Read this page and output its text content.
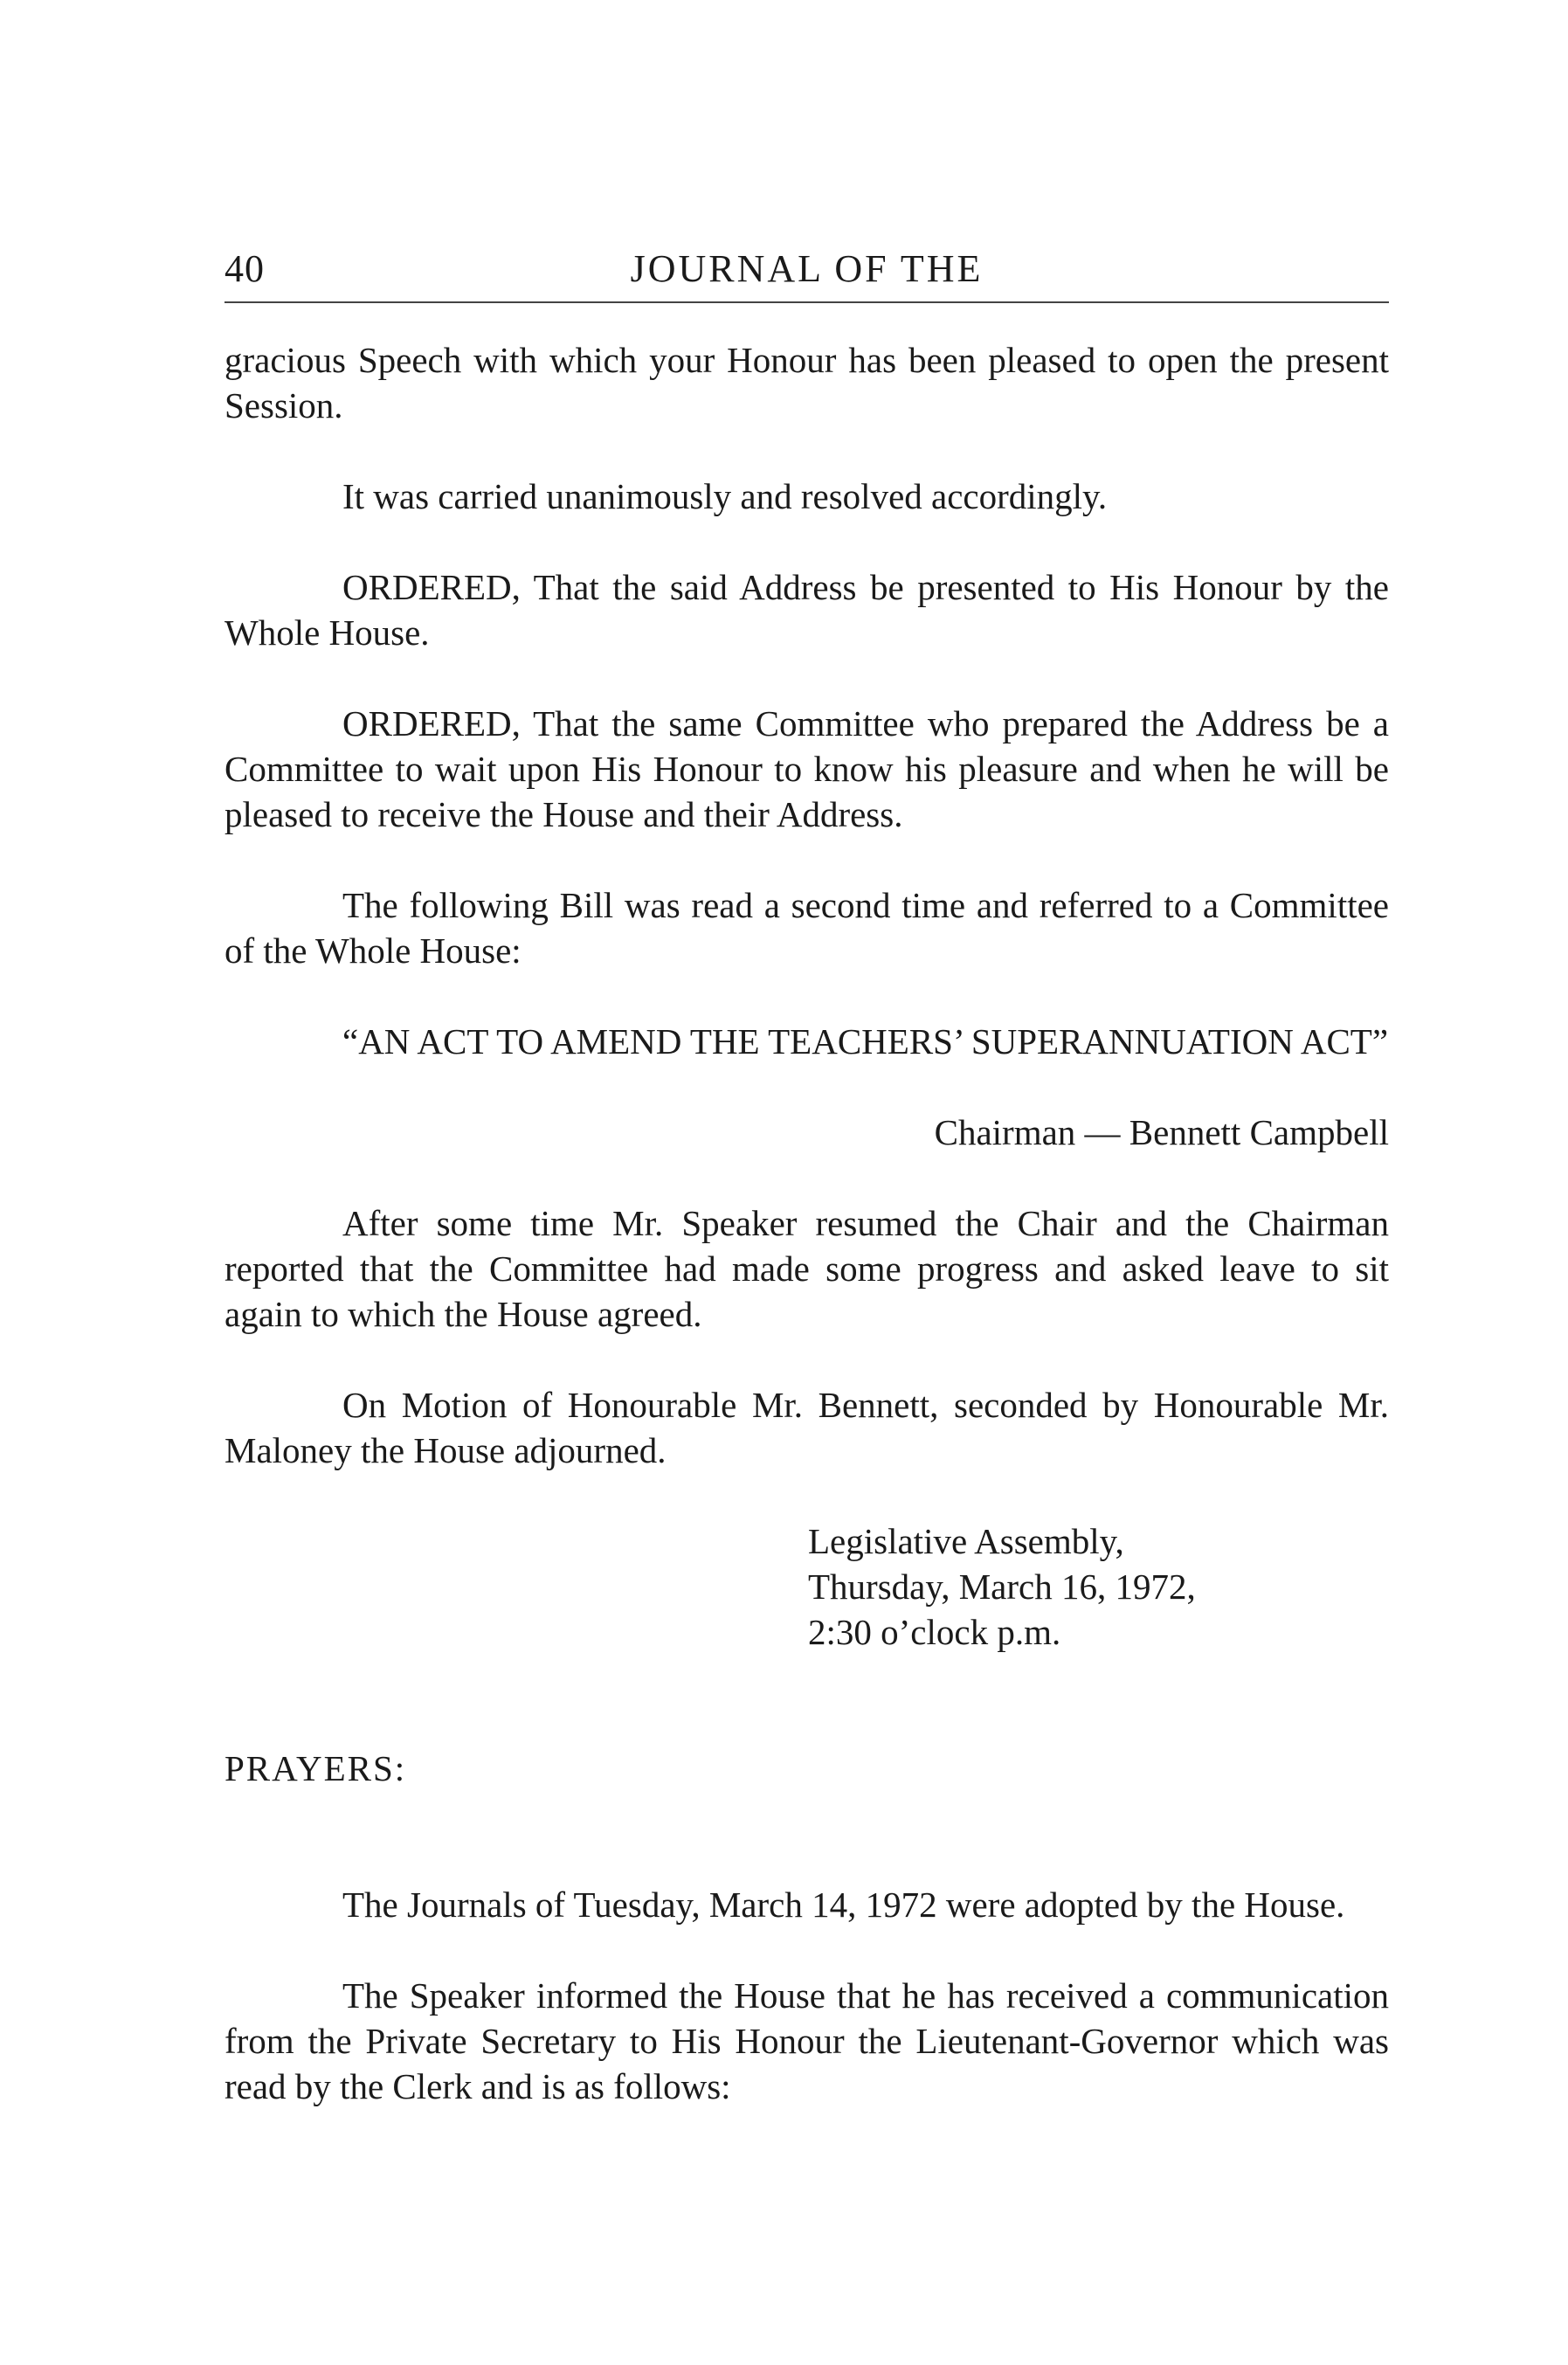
40	JOURNAL OF THE

gracious Speech with which your Honour has been pleased to open the present Session.

It was carried unanimously and resolved accordingly.

ORDERED, That the said Address be presented to His Honour by the Whole House.

ORDERED, That the same Committee who prepared the Address be a Committee to wait upon His Honour to know his pleasure and when he will be pleased to receive the House and their Address.

The following Bill was read a second time and referred to a Committee of the Whole House:

“AN ACT TO AMEND THE TEACHERS’ SUPERANNUATION ACT”

Chairman — Bennett Campbell

After some time Mr. Speaker resumed the Chair and the Chairman reported that the Committee had made some progress and asked leave to sit again to which the House agreed.

On Motion of Honourable Mr. Bennett, seconded by Honourable Mr. Maloney the House adjourned.

Legislative Assembly,
Thursday, March 16, 1972,
2:30 o’clock p.m.

PRAYERS:

The Journals of Tuesday, March 14, 1972 were adopted by the House.

The Speaker informed the House that he has received a communication from the Private Secretary to His Honour the Lieutenant-Governor which was read by the Clerk and is as follows:
